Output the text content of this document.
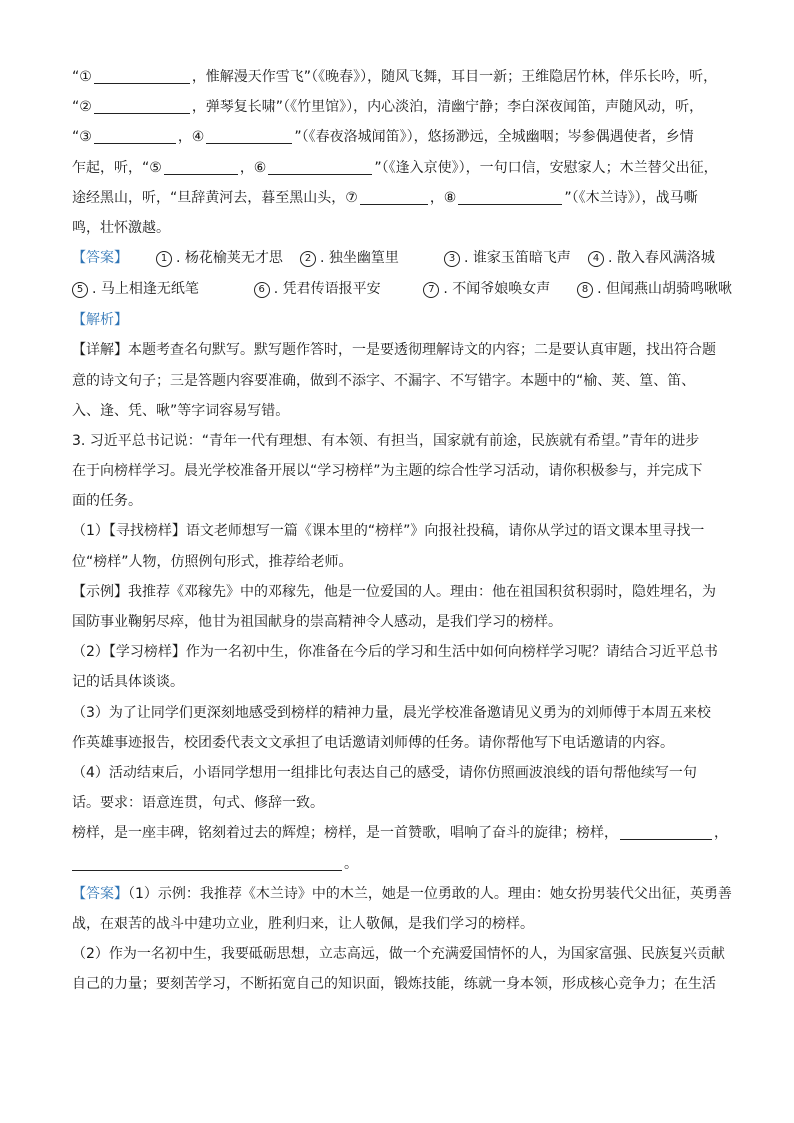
“①	，惟解漫天作雪飞”（《晚春》），随风飞舞，耳目一新；王维隐居竹林，伴乐长吟，听，
“②	，弹琴复长啸”（《竹里馆》），内心淡泊，清幽宁静；李白深夜闻笛，声随风动，听，
“③	，④	”（《春夜洛城闻笛》），悠扬渺远，全城幽咽；岑参偶遇使者，乡情
乍起，听，“⑤	，⑥	”（《逢入京使》），一句口信，安慰家人；木兰替父出征，
途经黑山，听，“旦辞黄河去，暮至黑山头，⑦	，⑧	”（《木兰诗》），战马嘶
鸣，壮怀激越。
【答案】	1 . 杨花榆荚无才思	2 . 独坐幽篁里	3 . 谁家玉笛暗飞声	4 . 散入春风满洛城
5 . 马上相逢无纸笔	6 . 凭君传语报平安	7 . 不闻爷娘唤女声	8 . 但闻燕山胡骑鸣啾啾
【解析】
【详解】本题考查名句默写。默写题作答时，一是要透彻理解诗文的内容；二是要认真审题，找出符合题
意的诗文句子；三是答题内容要准确，做到不添字、不漏字、不写错字。本题中的“榆、荚、篁、笛、
入、逢、凭、啾”等字词容易写错。
3. 习近平总书记说：“青年一代有理想、有本领、有担当，国家就有前途，民族就有希望。”青年的进步
在于向榜样学习。晨光学校准备开展以“学习榜样”为主题的综合性学习活动，请你积极参与，并完成下
面的任务。
（1）【寻找榜样】语文老师想写一篇《课本里的“榜样”》向报社投稿，请你从学过的语文课本里寻找一
位“榜样”人物，仿照例句形式，推荐给老师。
【示例】我推荐《邓稼先》中的邓稼先，他是一位爱国的人。理由：他在祖国积贫积弱时，隐姓埋名，为
国防事业鞠躬尽瘁，他甘为祖国献身的崇高精神令人感动，是我们学习的榜样。
（2）【学习榜样】作为一名初中生，你准备在今后的学习和生活中如何向榜样学习呢？请结合习近平总书
记的话具体谈谈。
（3）为了让同学们更深刻地感受到榜样的精神力量，晨光学校准备邀请见义勇为的刘师傅于本周五来校
作英雄事迹报告，校团委代表文文承担了电话邀请刘师傅的任务。请你帮他写下电话邀请的内容。
（4）活动结束后，小语同学想用一组排比句表达自己的感受，请你仿照画波浪线的语句帮他续写一句
话。要求：语意连贯，句式、修辞一致。
榜样，是一座丰碑，铭刻着过去的辉煌；榜样，是一首赞歌，唱响了奋斗的旋律；榜样，	，
。
【答案】（1）示例：我推荐《木兰诗》中的木兰，她是一位勇敢的人。理由：她女扮男装代父出征，英勇善
战，在艰苦的战斗中建功立业，胜利归来，让人敬佩，是我们学习的榜样。
（2）作为一名初中生，我要砥砺思想，立志高远，做一个充满爱国情怀的人，为国家富强、民族复兴贡献
自己的力量；要刻苦学习，不断拓宽自己的知识面，锻炼技能，练就一身本领，形成核心竞争力；在生活
